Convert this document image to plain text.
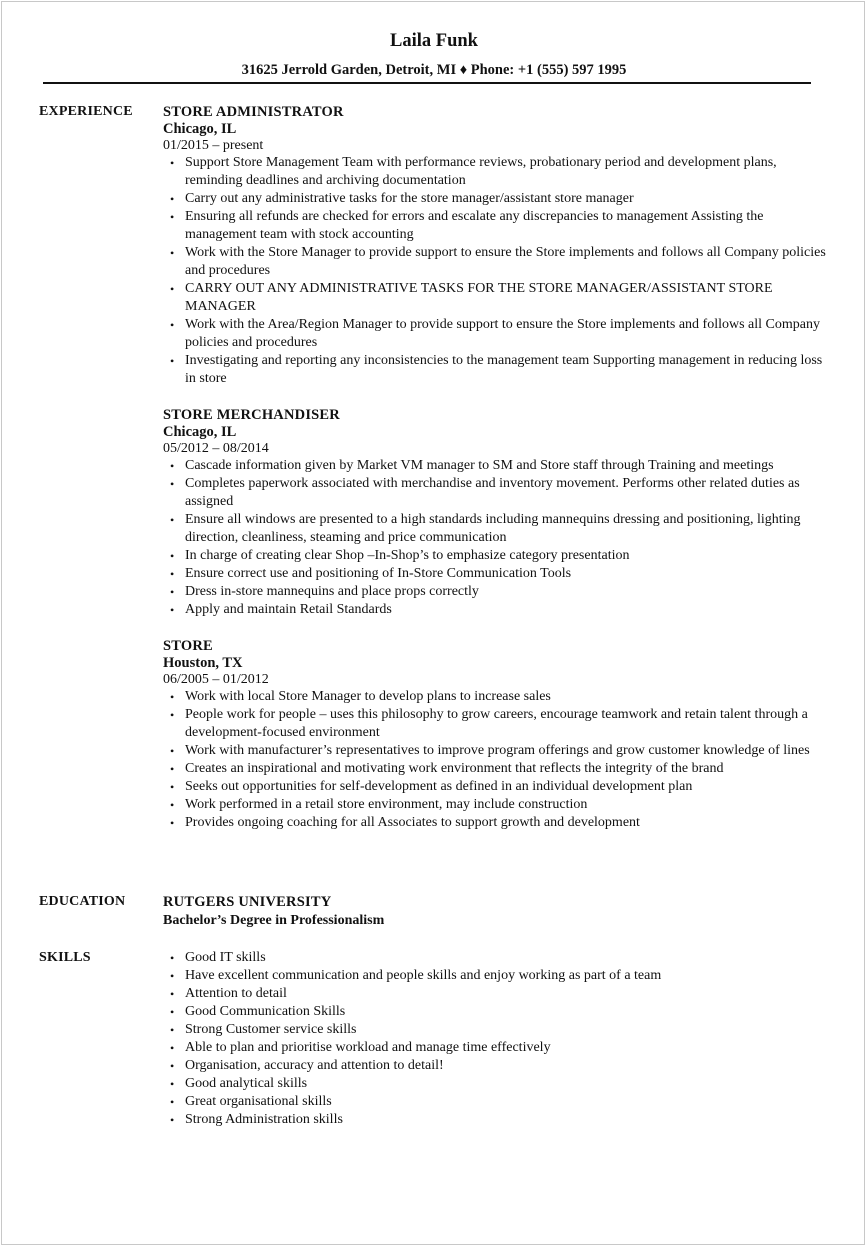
Laila Funk
31625 Jerrold Garden, Detroit, MI ♦ Phone: +1 (555) 597 1995
EXPERIENCE	STORE ADMINISTRATOR
Chicago, IL
01/2015 – present
• Support Store Management Team with performance reviews, probationary period and development plans, reminding deadlines and archiving documentation
• Carry out any administrative tasks for the store manager/assistant store manager
• Ensuring all refunds are checked for errors and escalate any discrepancies to management Assisting the management team with stock accounting
• Work with the Store Manager to provide support to ensure the Store implements and follows all Company policies and procedures
• CARRY OUT ANY ADMINISTRATIVE TASKS FOR THE STORE MANAGER/ASSISTANT STORE MANAGER
• Work with the Area/Region Manager to provide support to ensure the Store implements and follows all Company policies and procedures
• Investigating and reporting any inconsistencies to the management team Supporting management in reducing loss in store
STORE MERCHANDISER
Chicago, IL
05/2012 – 08/2014
• Cascade information given by Market VM manager to SM and Store staff through Training and meetings
• Completes paperwork associated with merchandise and inventory movement. Performs other related duties as assigned
• Ensure all windows are presented to a high standards including mannequins dressing and positioning, lighting direction, cleanliness, steaming and price communication
• In charge of creating clear Shop –In-Shop’s to emphasize category presentation
• Ensure correct use and positioning of In-Store Communication Tools
• Dress in-store mannequins and place props correctly
• Apply and maintain Retail Standards
STORE
Houston, TX
06/2005 – 01/2012
• Work with local Store Manager to develop plans to increase sales
• People work for people – uses this philosophy to grow careers, encourage teamwork and retain talent through a development-focused environment
• Work with manufacturer’s representatives to improve program offerings and grow customer knowledge of lines
• Creates an inspirational and motivating work environment that reflects the integrity of the brand
• Seeks out opportunities for self-development as defined in an individual development plan
• Work performed in a retail store environment, may include construction
• Provides ongoing coaching for all Associates to support growth and development
EDUCATION	RUTGERS UNIVERSITY
Bachelor’s Degree in Professionalism
SKILLS	• Good IT skills
• Have excellent communication and people skills and enjoy working as part of a team
• Attention to detail
• Good Communication Skills
• Strong Customer service skills
• Able to plan and prioritise workload and manage time effectively
• Organisation, accuracy and attention to detail!
• Good analytical skills
• Great organisational skills
• Strong Administration skills
